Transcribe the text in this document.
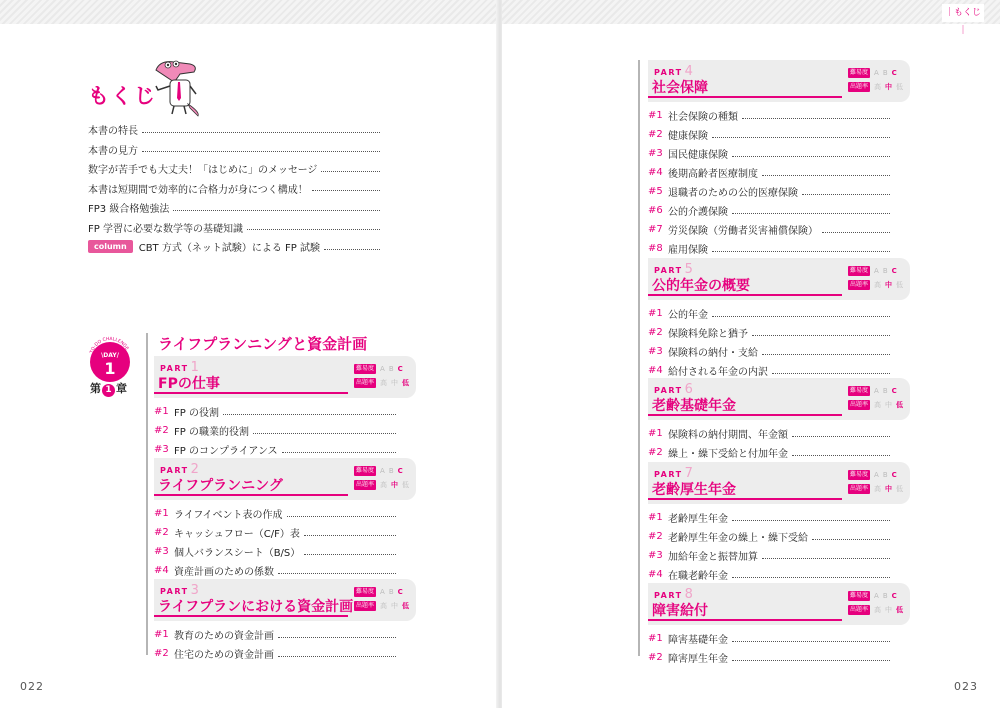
もくじ
本書の特長
本書の見方
数字が苦手でも大丈夫！「はじめに」のメッセージ
本書は短期間で効率的に合格力が身につく構成！
FP3 級合格勉強法
FP 学習に必要な数学等の基礎知識
column	CBT 方式（ネット試験）による FP 試験
TO-DO CHALLENGE
\DAY/
1
第 1 章
ライフプランニングと資金計画
PART 1
FPの仕事
難易度 A B C
出題率 高 中 低
#1 FP の役割
#2 FP の職業的役割
#3 FP のコンプライアンス
PART 2
ライフプランニング
難易度 A B C
出題率 高 中 低
#1 ライフイベント表の作成
#2 キャッシュフロー（C/F）表
#3 個人バランスシート（B/S）
#4 資産計画のための係数
PART 3
ライフプランにおける資金計画
難易度 A B C
出題率 高 中 低
#1 教育のための資金計画
#2 住宅のための資金計画
022
｜もくじ｜
PART 4
社会保障
難易度 A B C
出題率 高 中 低
#1 社会保険の種類
#2 健康保険
#3 国民健康保険
#4 後期高齢者医療制度
#5 退職者のための公的医療保険
#6 公的介護保険
#7 労災保険（労働者災害補償保険）
#8 雇用保険
PART 5
公的年金の概要
難易度 A B C
出題率 高 中 低
#1 公的年金
#2 保険料免除と猶予
#3 保険料の納付・支給
#4 給付される年金の内訳
PART 6
老齢基礎年金
難易度 A B C
出題率 高 中 低
#1 保険料の納付期間、年金額
#2 繰上・繰下受給と付加年金
PART 7
老齢厚生年金
難易度 A B C
出題率 高 中 低
#1 老齢厚生年金
#2 老齢厚生年金の繰上・繰下受給
#3 加給年金と振替加算
#4 在職老齢年金
PART 8
障害給付
難易度 A B C
出題率 高 中 低
#1 障害基礎年金
#2 障害厚生年金
023
